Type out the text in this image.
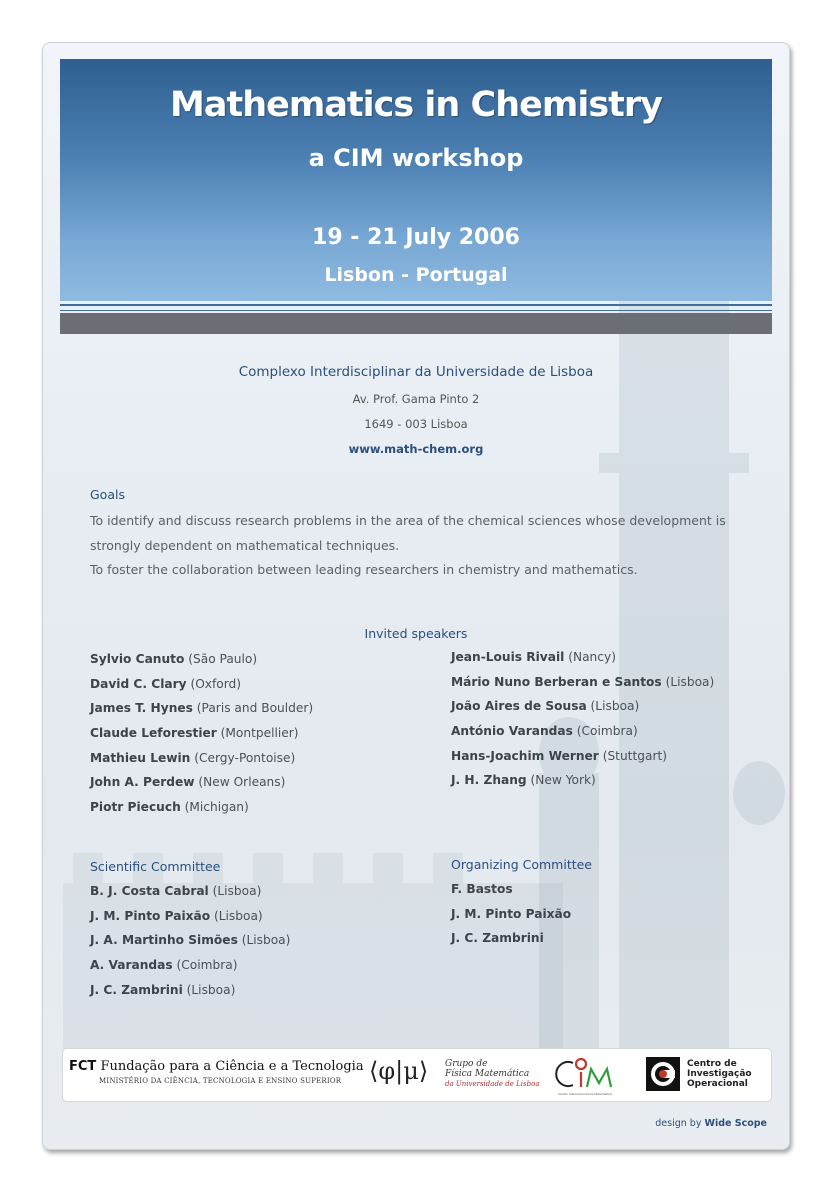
Mathematics in Chemistry
a CIM workshop
19 - 21 July 2006
Lisbon - Portugal
Complexo Interdisciplinar da Universidade de Lisboa
Av. Prof. Gama Pinto 2
1649 - 003 Lisboa
www.math-chem.org
Goals
To identify and discuss research problems in the area of the chemical sciences whose development is strongly dependent on mathematical techniques.
To foster the collaboration between leading researchers in chemistry and mathematics.
Invited speakers
Sylvio Canuto (São Paulo)
David C. Clary (Oxford)
James T. Hynes (Paris and Boulder)
Claude Leforestier (Montpellier)
Mathieu Lewin (Cergy-Pontoise)
John A. Perdew (New Orleans)
Piotr Piecuch (Michigan)
Jean-Louis Rivail (Nancy)
Mário Nuno Berberan e Santos (Lisboa)
João Aires de Sousa (Lisboa)
António Varandas (Coimbra)
Hans-Joachim Werner (Stuttgart)
J. H. Zhang (New York)
Scientific Committee
B. J. Costa Cabral (Lisboa)
J. M. Pinto Paixão (Lisboa)
J. A. Martinho Simões (Lisboa)
A. Varandas (Coimbra)
J. C. Zambrini (Lisboa)
Organizing Committee
F. Bastos
J. M. Pinto Paixão
J. C. Zambrini
FCT Fundação para a Ciência e a Tecnologia
MINISTÉRIO DA CIÊNCIA, TECNOLOGIA E ENSINO SUPERIOR	⟨φ|μ⟩ Grupo de
Física Matemática
da Universidade de Lisboa
Centro Internacional de Matemática
Centro de
Investigação
Operacional
design by Wide Scope
